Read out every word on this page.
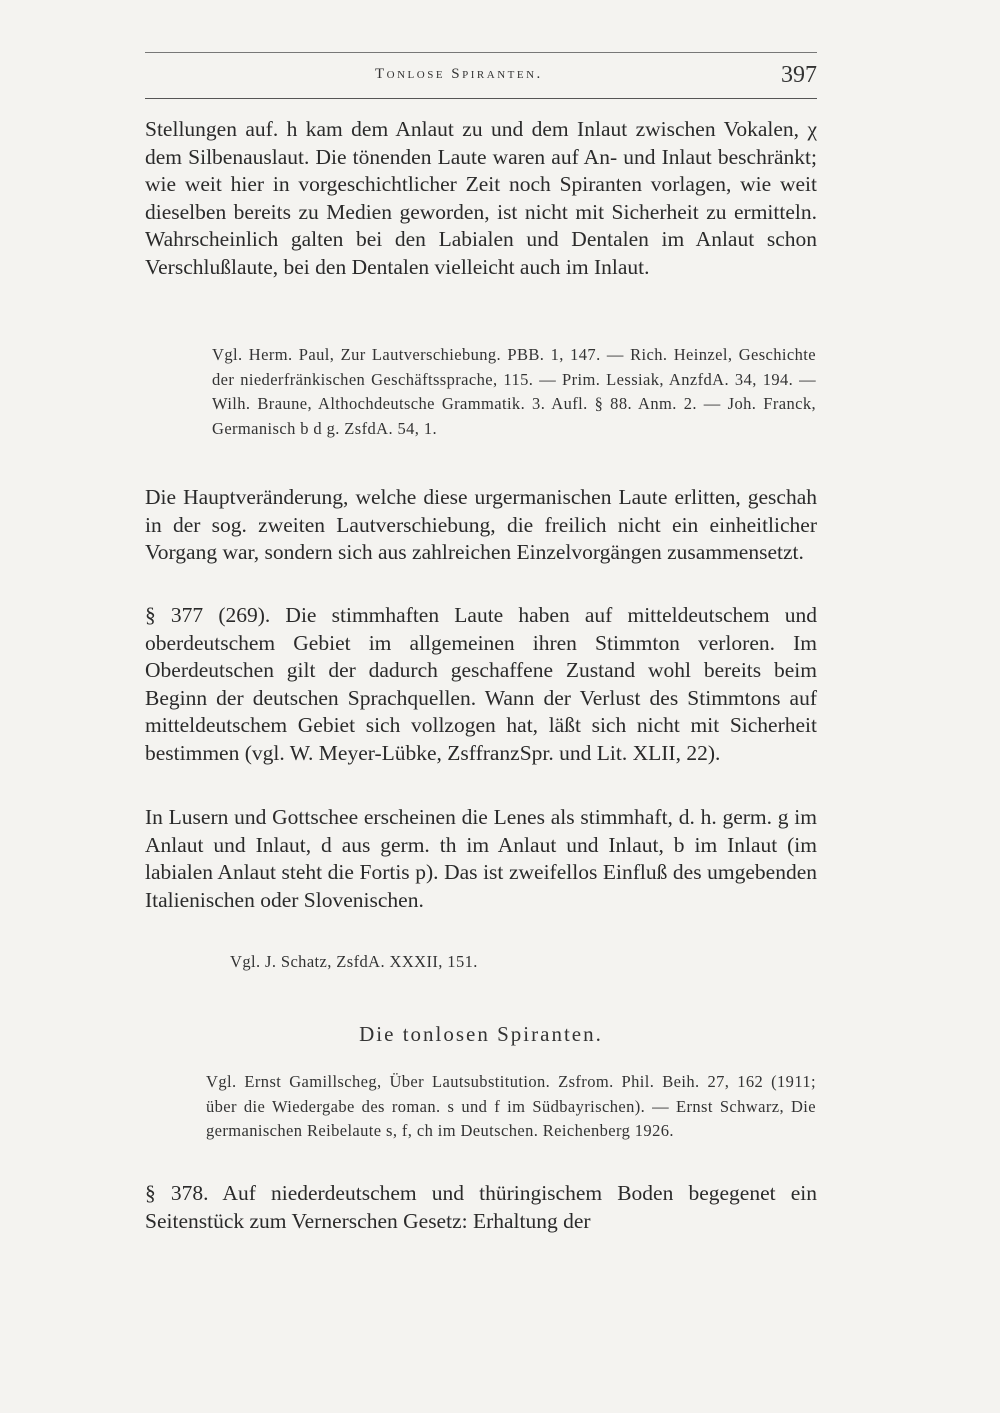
Tonlose Spiranten.	397
Stellungen auf. h kam dem Anlaut zu und dem Inlaut zwischen Vokalen, χ dem Silbenauslaut. Die tönenden Laute waren auf An- und Inlaut beschränkt; wie weit hier in vorgeschichtlicher Zeit noch Spiranten vorlagen, wie weit dieselben bereits zu Medien geworden, ist nicht mit Sicherheit zu ermitteln. Wahrscheinlich galten bei den Labialen und Dentalen im Anlaut schon Verschlußlaute, bei den Dentalen vielleicht auch im Inlaut.
Vgl. Herm. Paul, Zur Lautverschiebung. PBB. 1, 147. — Rich. Heinzel, Geschichte der niederfränkischen Geschäftssprache, 115. — Prim. Lessiak, AnzfdA. 34, 194. — Wilh. Braune, Althochdeutsche Grammatik. 3. Aufl. § 88. Anm. 2. — Joh. Franck, Germanisch b d g. ZsfdA. 54, 1.
Die Hauptveränderung, welche diese urgermanischen Laute erlitten, geschah in der sog. zweiten Lautverschiebung, die freilich nicht ein einheitlicher Vorgang war, sondern sich aus zahlreichen Einzelvorgängen zusammensetzt.
§ 377 (269). Die stimmhaften Laute haben auf mitteldeutschem und oberdeutschem Gebiet im allgemeinen ihren Stimmton verloren. Im Oberdeutschen gilt der dadurch geschaffene Zustand wohl bereits beim Beginn der deutschen Sprachquellen. Wann der Verlust des Stimmtons auf mitteldeutschem Gebiet sich vollzogen hat, läßt sich nicht mit Sicherheit bestimmen (vgl. W. Meyer-Lübke, ZsffranzSpr. und Lit. XLII, 22).
In Lusern und Gottschee erscheinen die Lenes als stimmhaft, d. h. germ. g im Anlaut und Inlaut, d aus germ. th im Anlaut und Inlaut, b im Inlaut (im labialen Anlaut steht die Fortis p). Das ist zweifellos Einfluß des umgebenden Italienischen oder Slovenischen.
Vgl. J. Schatz, ZsfdA. XXXII, 151.
Die tonlosen Spiranten.
Vgl. Ernst Gamillscheg, Über Lautsubstitution. Zsfrom. Phil. Beih. 27, 162 (1911; über die Wiedergabe des roman. s und f im Südbayrischen). — Ernst Schwarz, Die germanischen Reibelaute s, f, ch im Deutschen. Reichenberg 1926.
§ 378. Auf niederdeutschem und thüringischem Boden begegenet ein Seitenstück zum Vernerschen Gesetz: Erhaltung der
